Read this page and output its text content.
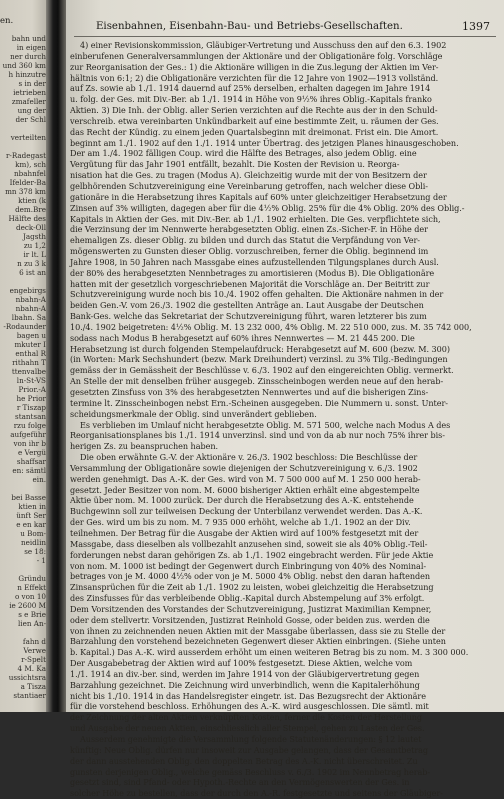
en.
bahn und
in eigen
ner durch
und 360 km
h hinzutre
s in der
ietrieben
zmafeller
ung der
der Schl
verteilten
r-Radegast
km), sch
nbahnfel
Ifelder-Ba
mn 378 km
ktien (k
dem.Bre
Hälfte des
deck-Oll
Jagsth
zu 1,2
ir lt. L
n zu 3 k
6 ist an
engebirgs
nbahn-A
nbahn-A
lbahn. Sa
-Rodaunder
bagen u
mkuter I
enthal R
rithahn T
ttenvalbe
ln-St-VS
Prior.-A
he Prior
r Tiszap
stantsan
rzu folge
aufgeführ
von ihr b
e Vergü
shaffsar
en: sämtl
ein.
bei Basse
ktien in
ünft Ser
e en kar
u Bom-
neidlin
se 18:
- 1
Gründu
n Effekt
o von 10
ie 2600 M
s e Brie
lien An-
fahn d
Verwe
r-Spelt
4 M. Ka
ussichtsra
a Tisza
stantiaer
Eisenbahnen, Eisenbahn-Bau- und Betriebs-Gesellschaften.	1397
4) einer Revisionskommission, Gläubiger-Vertretung und Ausschuss den auf den 6.3. 1902
einberufenen Generalversammlungen der Aktionäre und der Obligationäre folg. Vorschläge
zur Reorganisation der Ges.: 1) die Aktionäre willigen in die Zus.legung der Aktien im Ver-
hältnis von 6:1; 2) die Obligationäre verzichten für die 12 Jahre von 1902—1913 vollständ.
auf Zs. sowie ab 1./1. 1914 dauernd auf 25% derselben, erhalten dagegen im Jahre 1914
u. folg. der Ges. mit Div.-Ber. ab 1./1. 1914 in Höhe von 9½% ihres Oblig.-Kapitals franko
Aktien. 3) Die Inh. der Oblig. aller Serien verzichten auf die Rechte aus der in den Schuld-
verschreib. etwa vereinbarten Unkündbarkeit auf eine bestimmte Zeit, u. räumen der Ges.
das Recht der Kündig. zu einem jeden Quartalsbeginn mit dreimonat. Frist ein. Die Amort.
beginnt am 1./1. 1902 auf den 1./1. 1914 unter Übertrag. des jetzigen Planes hinausgeschoben.
Der am 1./4. 1902 fälligen Coup. wird die Hälfte des Betrages, also jedem Oblig. eine
Vergütung für das Jahr 1901 entfällt, bezahlt. Die Kosten der Revision u. Reorga-
nisation hat die Ges. zu tragen (Modus A). Gleichzeitig wurde mit der von Besitzern der
gelbhörenden Schutzvereinigung eine Vereinbarung getroffen, nach welcher diese Obli-
gationäre in die Herabsetzung ihres Kapitals auf 60% unter gleichzeitiger Herabsetzung der
Zinsen auf 3% willigten, dagegen aber für die 4½% Oblig. 25% für die 4% Oblig. 20% des Oblig.-
Kapitals in Aktien der Ges. mit Div.-Ber. ab 1./1. 1902 erhielten. Die Ges. verpflichtete sich,
die Verzinsung der im Nennwerte herabgesetzten Oblig. einen Zs.-Sicher-F. in Höhe der
ehemaligen Zs. dieser Oblig. zu bilden und durch das Statut die Verpfändung von Ver-
mögenswerten zu Gunsten dieser Oblig. vorzuschreiben, ferner die Oblig. beginnend im
Jahre 1908, in 50 Jahren nach Massgabe eines aufzustellenden Tilgungsplanes durch Ausl.
der 80% des herabgesetzten Nennbetrages zu amortisieren (Modus B). Die Obligationäre
hatten mit der gesetzlich vorgeschriebenen Majorität die Vorschläge an. Der Beitritt zur
Schutzvereinigung wurde noch bis 10./4. 1902 offen gehalten. Die Aktionäre nahmen in der
beiden Gen.-V. vom 26./3. 1902 die gestellten Anträge an. Laut Ausgabe der Deutschen
Bank-Ges. welche das Sekretariat der Schutzvereinigung führt, waren letzterer bis zum
10./4. 1902 beigetreten: 4½% Oblig. M. 13 232 000, 4% Oblig. M. 22 510 000, zus. M. 35 742 000,
sodass nach Modus B herabgesetzt auf 60% ihres Nennwertes — M. 21 445 200. Die
Herabsetzung ist durch folgenden Stempelaufdruck: Herabgesetzt auf M. 600 (bezw. M. 300)
(in Worten: Mark Sechshundert (bezw. Mark Dreihundert) verzinsl. zu 3% Tilg.-Bedingungen
gemäss der in Gemässheit der Beschlüsse v. 6./3. 1902 auf den eingereichten Oblig. vermerkt.
An Stelle der mit denselben früher ausgegeb. Zinsscheinbogen werden neue auf den herab-
gesetzten Zinsfuss von 3% des herabgesetzten Nennwertes und auf die bisherigen Zins-
termine lt. Zinsscheinbogen nebst Ern.-Scheinen ausgegeben. Die Nummern u. sonst. Unter-
scheidungsmerkmale der Oblig. sind unverändert geblieben.
Es verblieben im Umlauf nicht herabgesetzte Oblig. M. 571 500, welche nach Modus A des
Reorganisationsplanes bis 1./1. 1914 unverzinsl. sind und von da ab nur noch 75% ihrer bis-
herigen Zs. zu beanspruchen haben.
Die oben erwähnte G.-V. der Aktionäre v. 26./3. 1902 beschloss: Die Beschlüsse der
Versammlung der Obligationäre sowie diejenigen der Schutzvereinigung v. 6./3. 1902
werden genehmigt. Das A.-K. der Ges. wird von M. 7 500 000 auf M. 1 250 000 herab-
gesetzt. Jeder Besitzer von nom. M. 6000 bisheriger Aktien erhält eine abgestempelte
Aktie über nom. M. 1000 zurück. Der durch die Herabsetzung des A.-K. entstehende
Buchgewinn soll zur teilweisen Deckung der Unterbilanz verwendet werden. Das A.-K.
der Ges. wird um bis zu nom. M. 7 935 000 erhöht, welche ab 1./1. 1902 an der Div.
teilnehmen. Der Betrag für die Ausgabe der Aktien wird auf 100% festgesetzt mit der
Massgabe, dass dieselben als vollbezahlt anzusehen sind, soweit sie als 40% Oblig.-Teil-
forderungen nebst daran gehörigen Zs. ab 1./1. 1902 eingebracht werden. Für jede Aktie
von nom. M. 1000 ist bedingt der Gegenwert durch Einbringung von 40% des Nominal-
betrages von je M. 4000 4½% oder von je M. 5000 4% Oblig. nebst den daran haftenden
Zinsansprüchen für die Zeit ab 1./1. 1902 zu leisten, wobei gleichzeitig die Herabsetzung
des Zinsfusses für das verbleibende Oblig.-Kapital durch Abstempelung auf 3% erfolgt.
Dem Vorsitzenden des Vorstandes der Schutzvereinigung, Justizrat Maximilian Kempner,
oder dem stellvertr. Vorsitzenden, Justizrat Reinhold Gosse, oder beiden zus. werden die
von ihnen zu zeichnenden neuen Aktien mit der Massgabe überlassen, dass sie zu Stelle der
Barzahlung den vorstehend bezeichneten Gegenwert dieser Aktien einbringen. (Siehe unten
b. Kapital.) Das A.-K. wird ausserdem erhöht um einen weiteren Betrag bis zu nom. M. 3 300 000.
Der Ausgabebetrag der Aktien wird auf 100% festgesetzt. Diese Aktien, welche vom
1./1. 1914 an div.-ber. sind, werden im Jahre 1914 von der Gläubigervertretung gegen
Barzahlung gezeichnet. Die Zeichnung wird unverbindlich, wenn die Kapitalerhöhung
nicht bis 1./10. 1914 in das Handelsregister eingetr. ist. Das Bezugsrecht der Aktionäre
für die vorstehend beschloss. Erhöhungen des A.-K. wird ausgeschlossen. Die sämtl. mit
der Zeichnung der alten Aktien verknüpften Kosten, ferner die Kosten der Herstellung
und Ausgabe der neuen Aktien, einschliesslich aller Stempel, gehen zu Lasten der Ges.
Ausserdem genehmigte die Versammlung folgende Statutenänderungen: § 12 lautet
künftig: Neue Oblig. dürfen nur insoweit zur Ausgabe gelangen, dass der Gesamtbetrag
der dann ausstehenden Oblig. den doppelten Betrag des A.-K. nicht überschreitet. Zu
gunsten derjenigen Oblig., welche gemäss Beschluss v. 6./3. 1902 im Nennbetrag herab-
gesetzt sind, sind Pfand- oder Hypoth.-Rechte an den Vermögenswerten der Ges. in
solcher Höhe zu bestellen, dass der durch den A.-R. festgesetzte und seitens der Gläubiger-
